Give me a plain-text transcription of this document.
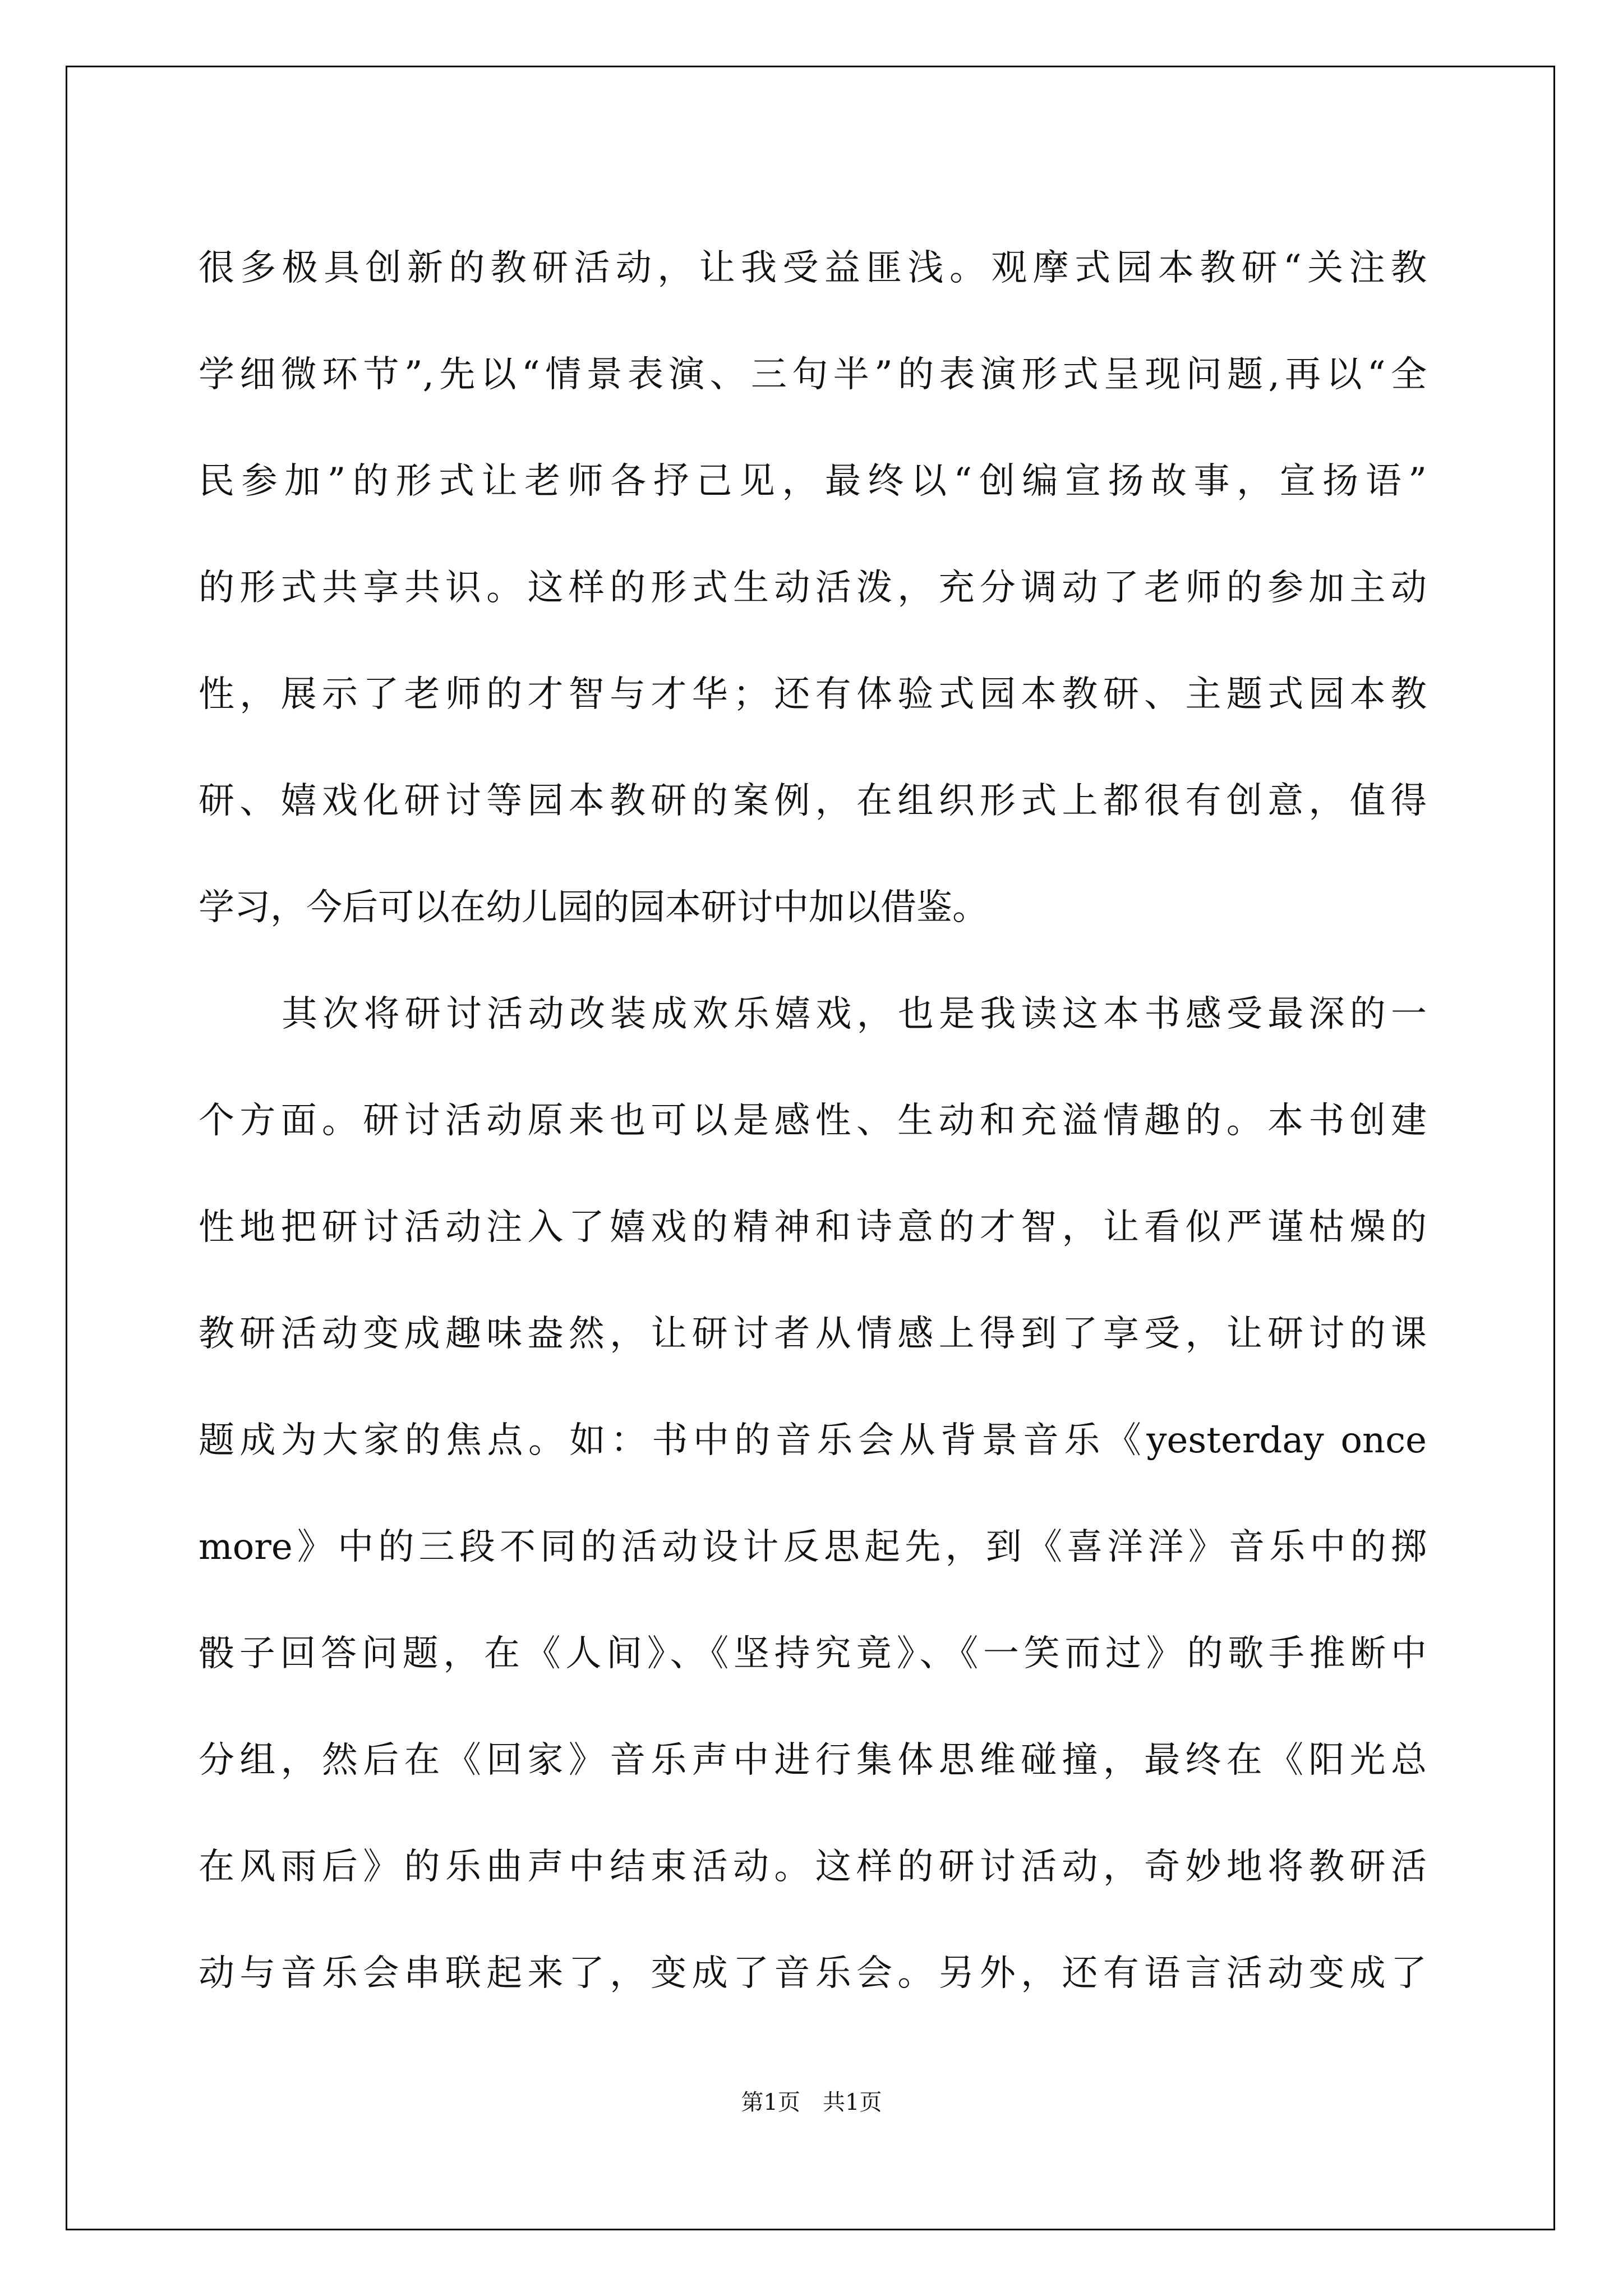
很多极具创新的教研活动，让我受益匪浅。观摩式园本教研“关注教
学细微环节”,先以“情景表演、三句半”的表演形式呈现问题,再以“全
民参加”的形式让老师各抒己见，最终以“创编宣扬故事，宣扬语”
的形式共享共识。这样的形式生动活泼，充分调动了老师的参加主动
性，展示了老师的才智与才华；还有体验式园本教研、主题式园本教
研、嬉戏化研讨等园本教研的案例，在组织形式上都很有创意，值得
学习，今后可以在幼儿园的园本研讨中加以借鉴。
其次将研讨活动改装成欢乐嬉戏，也是我读这本书感受最深的一
个方面。研讨活动原来也可以是感性、生动和充溢情趣的。本书创建
性地把研讨活动注入了嬉戏的精神和诗意的才智，让看似严谨枯燥的
教研活动变成趣味盎然，让研讨者从情感上得到了享受，让研讨的课
题成为大家的焦点。如：书中的音乐会从背景音乐《yesterday once
more》中的三段不同的活动设计反思起先，到《喜洋洋》音乐中的掷
骰子回答问题，在《人间》、《坚持究竟》、《一笑而过》的歌手推断中
分组，然后在《回家》音乐声中进行集体思维碰撞，最终在《阳光总
在风雨后》的乐曲声中结束活动。这样的研讨活动，奇妙地将教研活
动与音乐会串联起来了，变成了音乐会。另外，还有语言活动变成了
第1页　共1页
